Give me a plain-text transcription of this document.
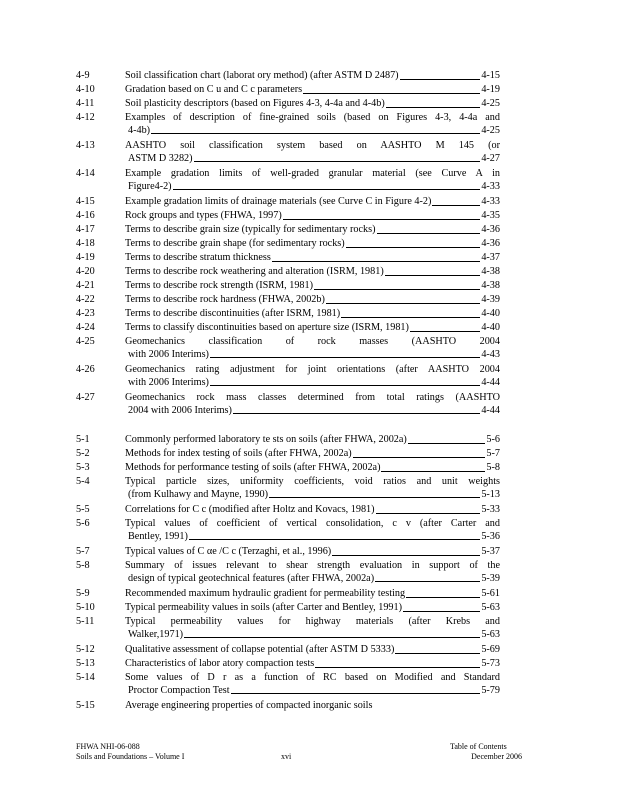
4-9	Soil classification chart (laborat ory method) (after ASTM D 2487)	4-15
4-10	Gradation based on C u and C c parameters	4-19
4-11	Soil plasticity descriptors (based on Figures 4-3, 4-4a and 4-4b)	4-25
4-12	Examples of description of fine-grained soils (based on Figures 4-3, 4-4a and
4-4b)	4-25
4-13	AASHTO soil classification system based on AASHTO M 145 (or
ASTM D 3282)	4-27
4-14	Example gradation limits of well-graded granular material (see Curve A in
Figure4-2)	4-33
4-15	Example gradation limits of drainage materials (see Curve C in Figure 4-2)	4-33
4-16	Rock groups and types (FHWA, 1997)	4-35
4-17	Terms to describe grain size (typically for sedimentary rocks)	4-36
4-18	Terms to describe grain shape (for sedimentary rocks)	4-36
4-19	Terms to describe stratum thickness	4-37
4-20	Terms to describe rock weathering and alteration (ISRM, 1981)	4-38
4-21	Terms to describe rock strength (ISRM, 1981)	4-38
4-22	Terms to describe rock hardness (FHWA, 2002b)	4-39
4-23	Terms to describe discontinuities (after ISRM, 1981)	4-40
4-24	Terms to classify discontinuities based on aperture size (ISRM, 1981)	4-40
4-25	Geomechanics classification of rock masses (AASHTO 2004
with 2006 Interims)	4-43
4-26	Geomechanics rating adjustment for joint orientations (after AASHTO 2004
with 2006 Interims)	4-44
4-27	Geomechanics rock mass classes determined from total ratings (AASHTO
2004 with 2006 Interims)	4-44
5-1	Commonly performed laboratory te sts on soils (after FHWA, 2002a)	5-6
5-2	Methods for index testing of soils (after FHWA, 2002a)	5-7
5-3	Methods for performance testing of soils (after FHWA, 2002a)	5-8
5-4	Typical particle sizes, uniformity coefficients, void ratios and unit weights
(from Kulhawy and Mayne, 1990)	5-13
5-5	Correlations for C c (modified after Holtz and Kovacs, 1981)	5-33
5-6	Typical values of coefficient of vertical consolidation, c v (after Carter and
Bentley, 1991)	5-36
5-7	Typical values of C αe /C c (Terzaghi, et al., 1996)	5-37
5-8	Summary of issues relevant to shear strength evaluation in support of the
design of typical geotechnical features (after FHWA, 2002a)	5-39
5-9	Recommended maximum hydraulic gradient for permeability testing	5-61
5-10	Typical permeability values in soils (after Carter and Bentley, 1991)	5-63
5-11	Typical permeability values for highway materials (after Krebs and
Walker,1971)	5-63
5-12	Qualitative assessment of collapse potential (after ASTM D 5333)	5-69
5-13	Characteristics of labor atory compaction tests	5-73
5-14	Some values of D r as a function of RC based on Modified and Standard
Proctor Compaction Test	5-79
5-15	Average engineering properties of compacted inorganic soils
FHWA NHI-06-088
Soils and Foundations – Volume I	xvi
Table of Contents
December 2006
